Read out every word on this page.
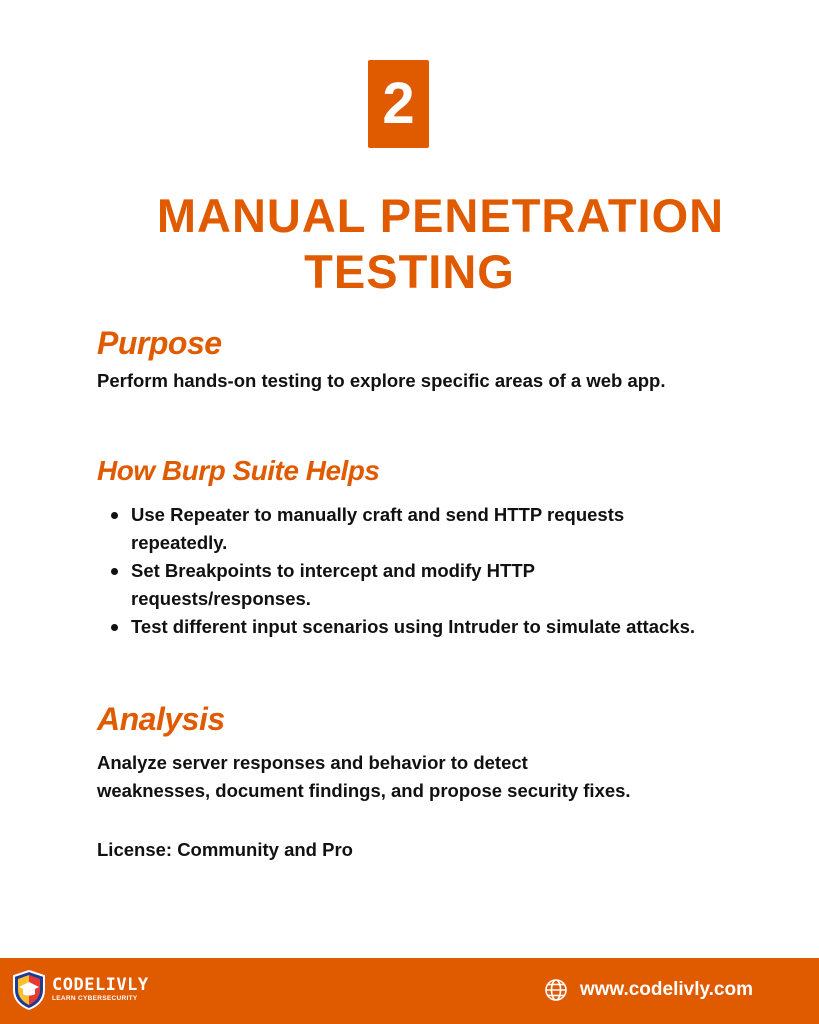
2
MANUAL PENETRATION
TESTING
Purpose

Perform hands-on testing to explore specific areas of a web app.

How Burp Suite Helps
Use Repeater to manually craft and send HTTP requests repeatedly.
Set Breakpoints to intercept and modify HTTP requests/responses.
Test different input scenarios using Intruder to simulate attacks.
Analysis

Analyze server responses and behavior to detect weaknesses, document findings, and propose security fixes.

License: Community and Pro

CODELIVLY
LEARN CYBERSECURITY	www.codelivly.com
